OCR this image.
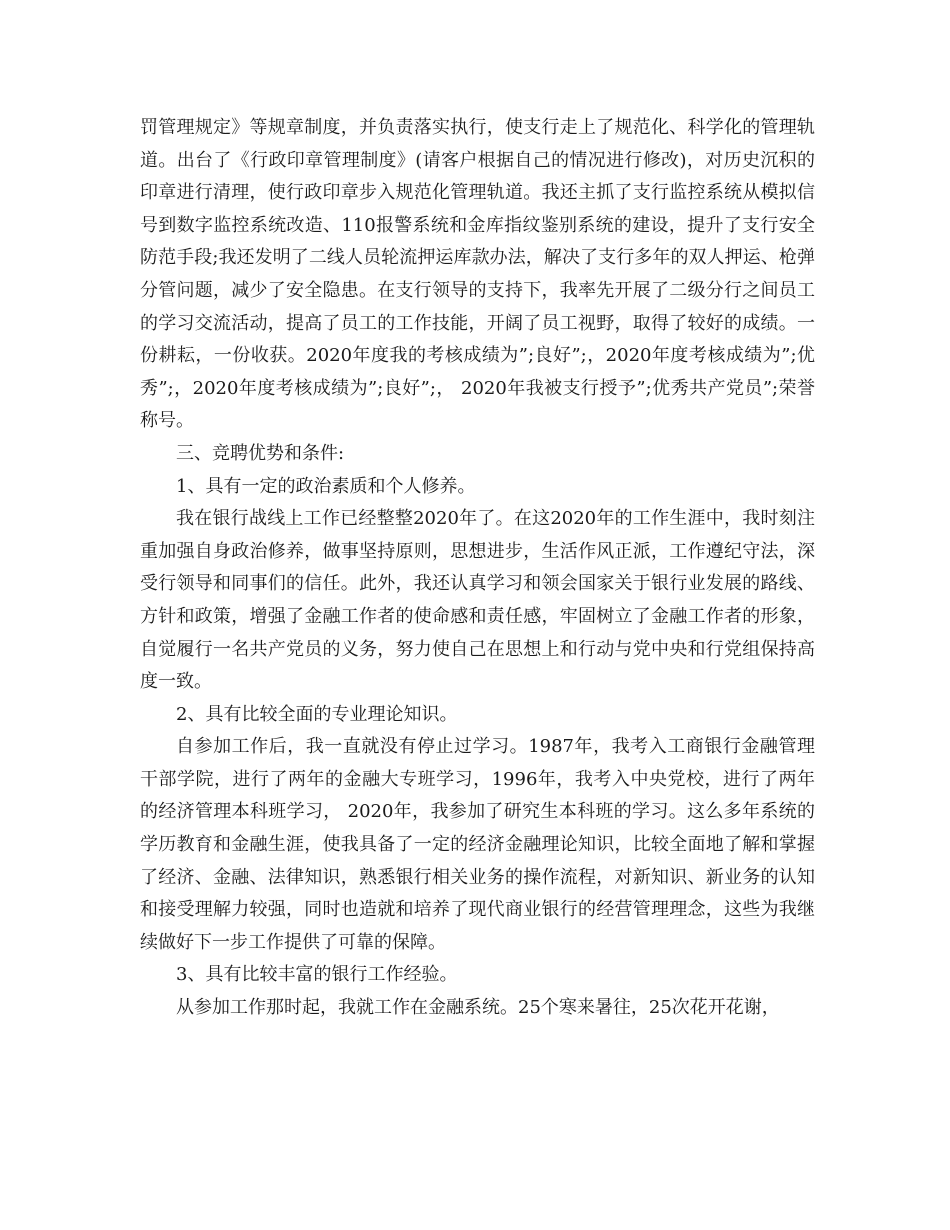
罚管理规定》等规章制度，并负责落实执行，使支行走上了规范化、科学化的管理轨道。出台了《行政印章管理制度》(请客户根据自己的情况进行修改)，对历史沉积的印章进行清理，使行政印章步入规范化管理轨道。我还主抓了支行监控系统从模拟信号到数字监控系统改造、110报警系统和金库指纹鉴别系统的建设，提升了支行安全防范手段;我还发明了二线人员轮流押运库款办法，解决了支行多年的双人押运、枪弹分管问题，减少了安全隐患。在支行领导的支持下，我率先开展了二级分行之间员工的学习交流活动，提高了员工的工作技能，开阔了员工视野，取得了较好的成绩。一份耕耘，一份收获。2020年度我的考核成绩为”;良好”;，2020年度考核成绩为”;优秀”;，2020年度考核成绩为”;良好”;， 2020年我被支行授予”;优秀共产党员”;荣誉称号。

三、竞聘优势和条件:

1、具有一定的政治素质和个人修养。

我在银行战线上工作已经整整2020年了。在这2020年的工作生涯中，我时刻注重加强自身政治修养，做事坚持原则，思想进步，生活作风正派，工作遵纪守法，深受行领导和同事们的信任。此外，我还认真学习和领会国家关于银行业发展的路线、方针和政策，增强了金融工作者的使命感和责任感，牢固树立了金融工作者的形象，自觉履行一名共产党员的义务，努力使自己在思想上和行动与党中央和行党组保持高度一致。

2、具有比较全面的专业理论知识。

自参加工作后，我一直就没有停止过学习。1987年，我考入工商银行金融管理干部学院，进行了两年的金融大专班学习，1996年，我考入中央党校，进行了两年的经济管理本科班学习， 2020年，我参加了研究生本科班的学习。这么多年系统的学历教育和金融生涯，使我具备了一定的经济金融理论知识，比较全面地了解和掌握了经济、金融、法律知识，熟悉银行相关业务的操作流程，对新知识、新业务的认知和接受理解力较强，同时也造就和培养了现代商业银行的经营管理理念，这些为我继续做好下一步工作提供了可靠的保障。

3、具有比较丰富的银行工作经验。

从参加工作那时起，我就工作在金融系统。25个寒来暑往，25次花开花谢，
